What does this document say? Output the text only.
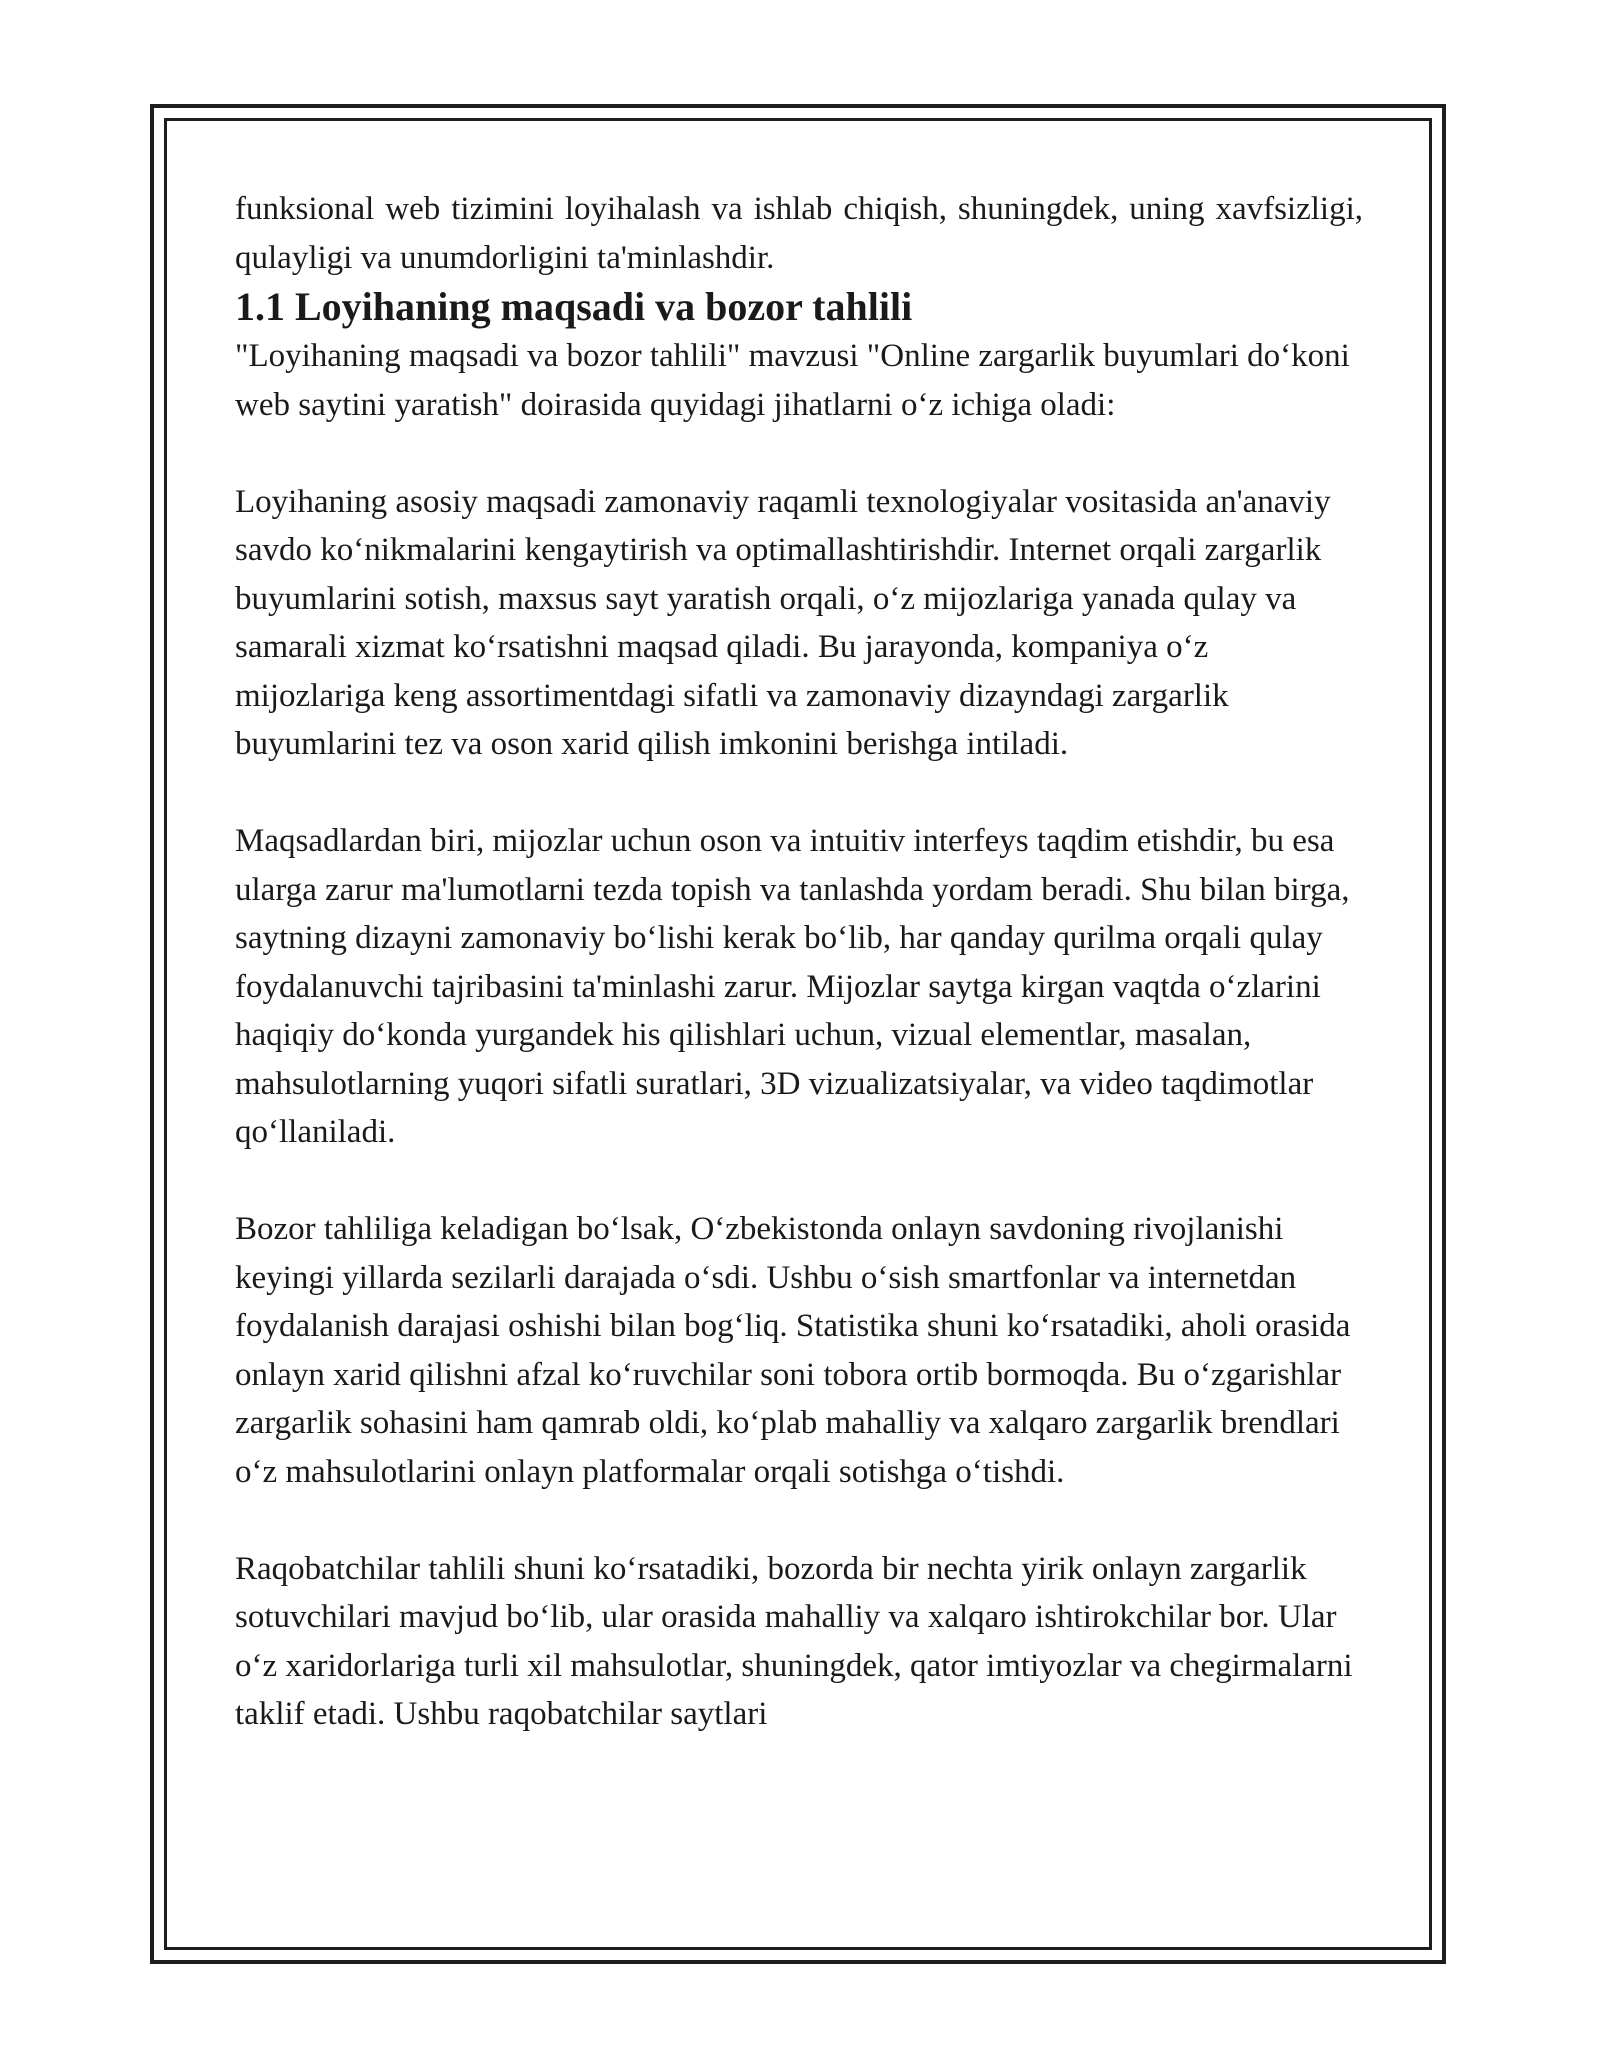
funksional web tizimini loyihalash va ishlab chiqish, shuningdek, uning xavfsizligi, qulayligi va unumdorligini ta'minlashdir.

1.1 Loyihaning maqsadi va bozor tahlili

"Loyihaning maqsadi va bozor tahlili" mavzusi "Online zargarlik buyumlari do‘koni web saytini yaratish" doirasida quyidagi jihatlarni o‘z ichiga oladi:

Loyihaning asosiy maqsadi zamonaviy raqamli texnologiyalar vositasida an'anaviy savdo ko‘nikmalarini kengaytirish va optimallashtirishdir. Internet orqali zargarlik buyumlarini sotish, maxsus sayt yaratish orqali, o‘z mijozlariga yanada qulay va samarali xizmat ko‘rsatishni maqsad qiladi. Bu jarayonda, kompaniya o‘z mijozlariga keng assortimentdagi sifatli va zamonaviy dizayndagi zargarlik buyumlarini tez va oson xarid qilish imkonini berishga intiladi.

Maqsadlardan biri, mijozlar uchun oson va intuitiv interfeys taqdim etishdir, bu esa ularga zarur ma'lumotlarni tezda topish va tanlashda yordam beradi. Shu bilan birga, saytning dizayni zamonaviy bo‘lishi kerak bo‘lib, har qanday qurilma orqali qulay foydalanuvchi tajribasini ta'minlashi zarur. Mijozlar saytga kirgan vaqtda o‘zlarini haqiqiy do‘konda yurgandek his qilishlari uchun, vizual elementlar, masalan, mahsulotlarning yuqori sifatli suratlari, 3D vizualizatsiyalar, va video taqdimotlar qo‘llaniladi.

Bozor tahliliga keladigan bo‘lsak, O‘zbekistonda onlayn savdoning rivojlanishi keyingi yillarda sezilarli darajada o‘sdi. Ushbu o‘sish smartfonlar va internetdan foydalanish darajasi oshishi bilan bog‘liq. Statistika shuni ko‘rsatadiki, aholi orasida onlayn xarid qilishni afzal ko‘ruvchilar soni tobora ortib bormoqda. Bu o‘zgarishlar zargarlik sohasini ham qamrab oldi, ko‘plab mahalliy va xalqaro zargarlik brendlari o‘z mahsulotlarini onlayn platformalar orqali sotishga o‘tishdi.

Raqobatchilar tahlili shuni ko‘rsatadiki, bozorda bir nechta yirik onlayn zargarlik sotuvchilari mavjud bo‘lib, ular orasida mahalliy va xalqaro ishtirokchilar bor. Ular o‘z xaridorlariga turli xil mahsulotlar, shuningdek, qator imtiyozlar va chegirmalarni taklif etadi. Ushbu raqobatchilar saytlari
